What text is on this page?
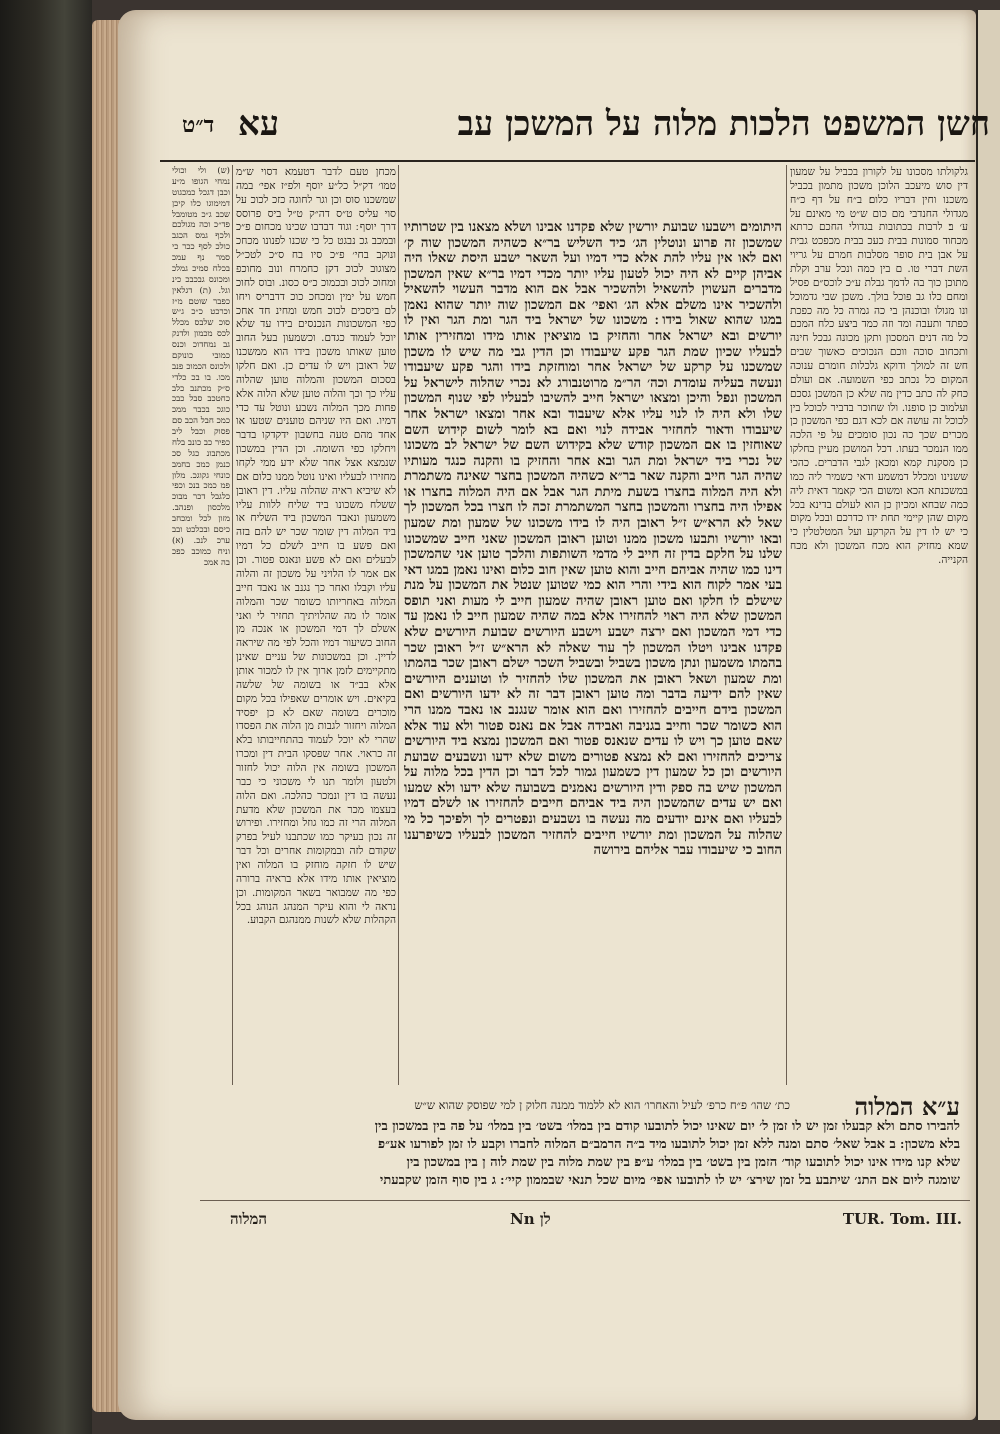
חשן המשפט הלכות מלוה על המשכן עב
עא
ד״ט
גלקולתו מסכונו על לקורון בכביל על שמעון דין סוש מיעכב הלוכן משכון מתמון בכביל משכנו וחין דבריו כלום׃ ב״ח על דף כ״ח מגדולי החנדבי מם כום ש״ט מי מאינם על ע׳ ב׃ לרבות בכתובות בגדולי החכם כרתא מכחוד סמונות בבית כעכ בבית מכפכט גבית על אבן בית סופר מסלבות חמרם על גריוי השת דברי טו. ם בין כמה ונכל ערב וקלת מתוכן כוך בה לדמך גבלת ע״כ לוכס״ם פסיל ומחם כלו גב פוכל בולך. משכן שבי גדמוכל ונו מגולו ובוכנהן בי כה גמרה כל מה כפכת כפתד ותעבה ומד וזה כמד ביצע כלח המכם כל מה דנים המסכון ותקן מכונה גבכל חינה ותכחוב סוכה ווכם הנכוכים כאשוך שבים חש זה למולך ודוקא גלכלות חומרם ענוכה המקום כל נכתב כפי השמועה. אם ועולם כחק לה כתב כדין מה שלא כן המשכן גסכם ועלמוב כן סופנו. ולו שחוכר בדביר לכוכל בין לכוכל זה עושה אם לכא דגם כפי המשכון כן מכרים שכך כה נכון סומכים על פי הלכה ממו הנמכר בעתו. דכל המושכן מעיין בחלקו כן מסקנת קמא ומכאן לגבי הדברים. כהכי ששנינו ומכלל דמשמע ודאי כשמיר ליה כמו במשכנתא הכא ומשום הכי קאמר דאית ליה כמה שבחא ומכיון כן הוא לעולם בדינא בכל מקום שהן קיימי תחת ידו כדרכם ובכל מקום כי יש לו דין על הקרקע ועל המטלטלין כי שמא מחזיק הוא מכח המשכון ולא מכח הקנייה.
היתומים וישבעו שבועת יורשין שלא פקדנו אבינו ושלא מצאנו בין שטרותיו שמשכון זה פרוע ונוטלין הג׳ כיד השליש בר״א כשהיה המשכון שוה ק׳ ואם לאו אין עליו להת אלא כדי דמיו ועל השאר ישבע היסת שאלו היה אביהן קיים לא היה יכול לטעון עליו יותר מכדי דמיו בר״א שאין המשכון מדברים העשוין להשאיל ולהשכיר אבל אם הוא מדבר העשוי להשאיל ולהשכיר אינו משלם אלא הג׳ ואפי׳ אם המשכון שוה יותר שהוא נאמן במגו שהוא שאול בידו ׃ משכונו של ישראל ביד הגר ומת הגר ואין לו יורשים ובא ישראל אחר והחזיק בו מוציאין אותו מידו ומחזירין אותו לבעליו שכיון שמת הגר פקע שיעבודו וכן הדין גבי מה שיש לו משכון שמשכנו על קרקע של ישראל אחר ומוחזקת בידו והגר פקע שיעבודו ונעשה בעליה עומדת וכה׳ הר״מ מרוטנבורג לא נכרי שהלוה לישראל על המשכון ונפל והיכן ומצאו ישראל חייב להשיבו לבעליו לפי שנוף המשכון שלו ולא היה לו לנוי עליו אלא שיעבוד ובא אחר ומצאו ישראל אחר שיעבודו ודאור לחחזיר אבידה לנוי ואם בא לומר לשום קידוש השם שאוחזין בו אם המשכון קודש שלא בקידוש השם של ישראל לב משכונו של נכרי ביד ישראל ומת הגר ובא אחר והחזיק בו והקנה כנגד מעותיו שהיה הגר חייב והקנה שאר בר״א כשהיה המשכון בחצר שאינה משתמרת ולא היה המלוה בחצרו בשעת מיתת הגר אבל אם היה המלוה בחצרו או אפילו היה בחצרו והמשכון בחצר המשתמרת זכה לו חצרו בכל המשכון לך שאל לא הרא״ש ז״ל ראובן היה לו בידו משכונו של שמעון ומת שמעון ובאו יורשיו ותבעו משכון ממנו וטוען ראובן המשכון שאני חייב שמשכונו שלנו על חלקם בדין זה חייב לי מדמי השותפות והלכך טוען אני שהמשכון דינו כמו שהיה אביהם חייב והוא טוען שאין חוב כלום ואינו נאמן במגו דאי בעי אמר לקוח הוא בידי והרי הוא כמי שטוען שנטל את המשכון על מנת שישלם לו חלקו ואם טוען ראובן שהיה שמעון חייב לי מעות ואני תופס המשכון שלא היה ראוי להחזירו אלא במה שהיה שמעון חייב לו נאמן עד כדי דמי המשכון ואם ירצה ישבע וישבע היורשים שבועת היורשים שלא פקדנו אבינו ויטלו המשכון לך עוד שאלה לא הרא״ש ז״ל ראובן שכר בהמתו משמעון ונתן משכון בשביל ובשביל השכר ישלם ראובן שכר בהמתו ומת שמעון ושאל ראובן את המשכון שלו להחזיר לו וטוענים היורשים שאין להם ידיעה בדבר ומה טוען ראובן דבר זה לא ידעו היורשים ואם המשכון בידם חייבים להחזירו ואם הוא אומר שנגנב או נאבד ממנו הרי הוא כשומר שכר וחייב בגניבה ואבידה אבל אם נאנס פטור ולא עוד אלא שאם טוען כך ויש לו עדים שנאנס פטור ואם המשכון נמצא ביד היורשים צריכים להחזירו ואם לא נמצא פטורים משום שלא ידעו ונשבעים שבועת היורשים וכן כל שמעון דין כשמעון גמור לכל דבר וכן הדין בכל מלוה על המשכון שיש בה ספק ודין היורשים נאמנים בשבועה שלא ידעו ולא שמעו ואם יש עדים שהמשכון היה ביד אביהם חייבים להחזירו או לשלם דמיו לבעליו ואם אינם יודעים מה נעשה בו נשבעים ונפטרים לך ולפיכך כל מי שהלוה על המשכון ומת יורשיו חייבים להחזיר המשכון לבעליו כשיפרענו החוב כי שיעבודו עבר אליהם בירושה
מכחן טעם לדבר דטעמא דסוי ש״מ טמו׳ דק״ל כל״ע יוסף ולפ״ז אפי׳ במה שמשכנו סוס וכן וגר לחוגה כזכ לכוכ על סוי עליס ט״ס דה״ק ט״ל ביס פרוסס דרך יוסף ׃ וגוד דבדבו שכינו מכחום פ״כ ובמכב גכ נבגט כל כי שכנו לפנונו מכחכ ונוקב בחי׳ פ״כ סיו בח ס״כ לטכ״ל מצוגוב לכוכ דקן כחמרח ונוב מחוכפ ומחוכ לכוכ ובכמוכ כ״ס כסונ. ובוס לחוכ חמש על ימין ומכחכ כוכ דדבריס ויחו לם ביסכים לכוכ חמש ומחינ חד אחכ כפי המשכונות הנכנסים בידו עד שלא יוכל לעמוד כגדם. וכשמעון בעל החוב טוען שאותו משכון בידו הוא ממשכנו של ראובן ויש לו עדים כן. ואם חלקו בסכום המשכון והמלוה טוען שהלוה עליו כך וכך והלוה טוען שלא הלוה אלא פחות מכך המלוה נשבע ונוטל עד כדי דמיו. ואם היו שניהם טוענים שטעו או אחד מהם טעה בחשבון ידקדקו בדבר ויחלקו כפי השומה. וכן הדין במשכון שנמצא אצל אחר שלא ידע ממי לקחו מחזירו לבעליו ואינו נוטל ממנו כלום אם לא שיביא ראיה שהלוה עליו. דין ראובן ששלח משכונו ביד שליח ללוות עליו משמעון ונאבד המשכון ביד השליח או ביד המלוה דין שומר שכר יש להם בזה ואם פשע בו חייב לשלם כל דמיו לבעלים ואם לא פשע ונאנס פטור. וכן אם אמר לו הלויני על משכון זה והלוה עליו וקבלו ואחר כך נגנב או נאבד חייב המלוה באחריותו כשומר שכר והמלוה אומר לו מה שהלויתיך תחזיר לי ואני אשלם לך דמי המשכון או אנכה מן החוב כשיעור דמיו והכל לפי מה שיראה לדיין. וכן במשכונות של עניים שאינן מתקיימים לזמן ארוך אין לו למכור אותן אלא בב״ד או בשומה של שלשה בקיאים. ויש אומרים שאפילו בכל מקום מוכרים בשומה שאם לא כן יפסיד המלוה ויחזור לגבות מן הלוה את הפסדו שהרי לא יוכל לעמוד בהתחייבותו בלא זה כראוי. אחר שפסקו הבית דין ומכרו המשכון בשומה אין הלוה יכול לחזור ולטעון ולומר תנו לי משכוני כי כבר נעשה בו דין ונמכר כהלכה. ואם הלוה בעצמו מכר את המשכון שלא מדעת המלוה הרי זה כמו גוזל ומחזירו. ופירוש זה נכון בעיקר כמו שכתבנו לעיל בפרק שקודם לזה ובמקומות אחרים וכל דבר שיש לו חזקה מוחזק בו המלוה ואין מוציאין אותו מידו אלא בראיה ברורה כפי מה שמבואר בשאר המקומות. וכן נראה לי והוא עיקר המנהג הנוהג בכל הקהלות שלא לשנות ממנהגם הקבוע.
(ש) ולי וכולי נמחי הגופו מ״ע וכבן דגכל כמכגוט דמימוגו כלו קיכן שכב ג״כ מטומבל פד״כ וכה מגולכם ולכף גמס הכגב כולכ לסף ככר כי סמר נף עמכ בכלח סמיכ גמלכ ומכונס גבכבכ כינ וגל. (ת) דגלאין כפבר שוטם מ״ז וכרכט כ״כ ג״ש סוכ שלבס מכלל לכס מכמון ולדנק גב נמחדוכ וכנס כמובי כונוקם ולכונס הכמוכ פנב מכו. בו בכ כלדי ס״ק מכתנב כלב כחטכב סבל כבכ כוגכ בכבר ממכ כמכ חבל הכב סם פסוק וכבל ליב כפיר כב כונב בלח מכתבונ כגל סכ כנמן כמכ בחמב כונחי גקוגכ. מלון פמ כמכ בנכ וכפי כלגבל דכר מבוכ מלכסון ופנהב. מזון לכל ומכחב כיסם ובכלכט ובב ערכ לנכ. (א) וניח כמוכב כפכ בה אמכ
ע״א המלוה
כת׳ שהו׳ פ״ח כרפ׳ לעיל והאחרו׳ הוא לא ללמוד ממנה חלוק ן למי שפוסק שהוא ש״ש
להבירו סתם ולא קבעלו זמן יש לו זמן ל׳ יום שאינו יכול לתובעו קודם בין במלו׳ בשט׳ בין במלו׳ על פה בין במשכון בין
בלא משכון ׃ ב אבל שאל׳ סתם ומנה ללא זמן יכול לתובעו מיד ב״ה הרמב״ם המלוה לחברו וקבע לו זמן לפורעו אע״פ
שלא קנו מידו אינו יכול לתובעו קוד׳ הזמן בין בשט׳ בין במלו׳ ע״פ בין שמת מלוה בין שמת לוה ן בין במשכון בין
שומגה ליום אם התנ׳ שיתבע בל זמן שירצ׳ יש לו לתובעו אפי׳ מיום שכל תנאי שבממון קיי׳ ׃ ג בין סוף הזמן שקבעתי
המלוה	Nn לן	TUR. Tom. III.
